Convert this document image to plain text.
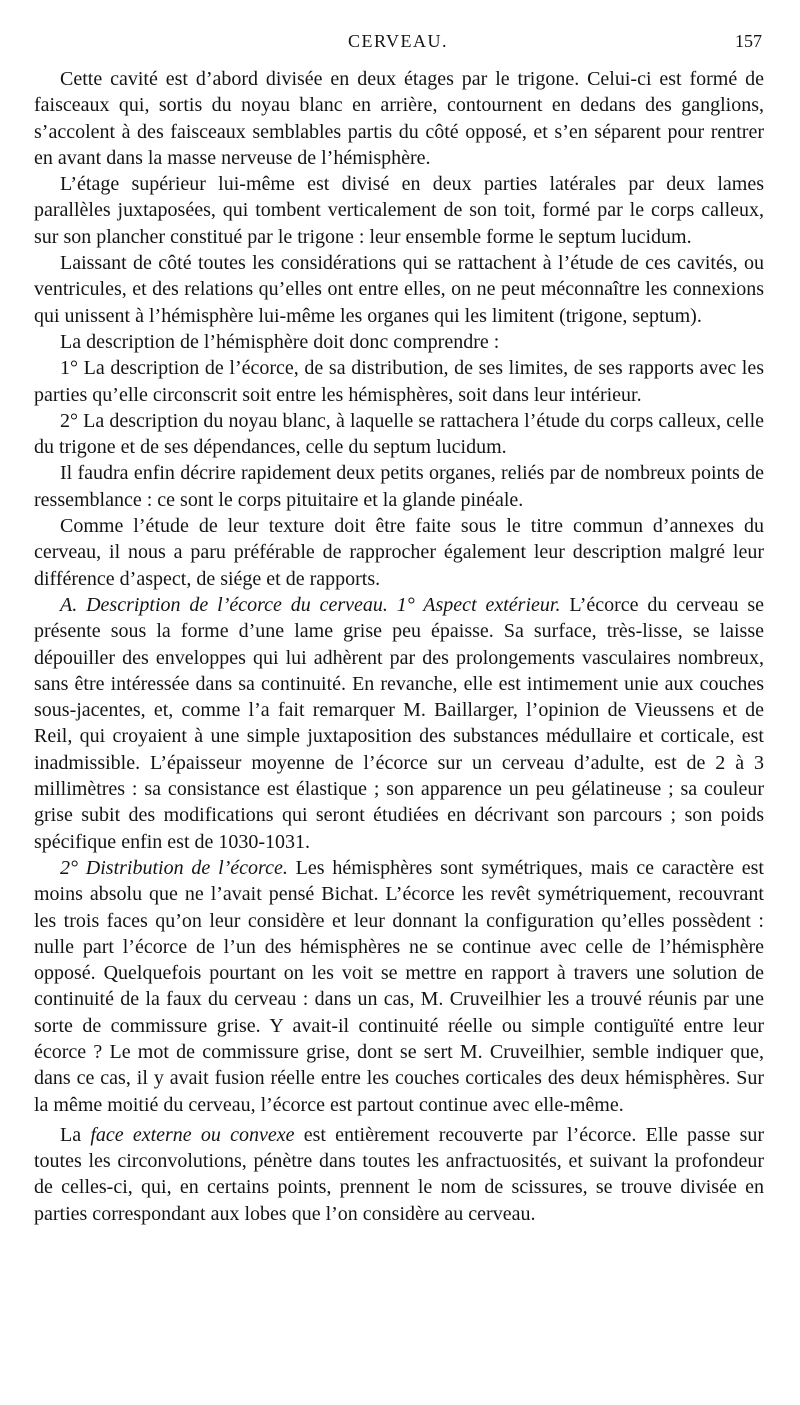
CERVEAU.	157

Cette cavité est d’abord divisée en deux étages par le trigone. Celui-ci est formé de faisceaux qui, sortis du noyau blanc en arrière, contournent en dedans des ganglions, s’accolent à des faisceaux semblables partis du côté opposé, et s’en séparent pour rentrer en avant dans la masse nerveuse de l’hémisphère.

L’étage supérieur lui-même est divisé en deux parties latérales par deux lames parallèles juxtaposées, qui tombent verticalement de son toit, formé par le corps calleux, sur son plancher constitué par le trigone : leur ensemble forme le septum lucidum.

Laissant de côté toutes les considérations qui se rattachent à l’étude de ces cavités, ou ventricules, et des relations qu’elles ont entre elles, on ne peut méconnaître les connexions qui unissent à l’hémisphère lui-même les organes qui les limitent (trigone, septum).

La description de l’hémisphère doit donc comprendre :

1° La description de l’écorce, de sa distribution, de ses limites, de ses rapports avec les parties qu’elle circonscrit soit entre les hémisphères, soit dans leur intérieur.

2° La description du noyau blanc, à laquelle se rattachera l’étude du corps calleux, celle du trigone et de ses dépendances, celle du septum lucidum.

Il faudra enfin décrire rapidement deux petits organes, reliés par de nombreux points de ressemblance : ce sont le corps pituitaire et la glande pinéale.

Comme l’étude de leur texture doit être faite sous le titre commun d’annexes du cerveau, il nous a paru préférable de rapprocher également leur description malgré leur différence d’aspect, de siége et de rapports.

A. Description de l’écorce du cerveau. 1° Aspect extérieur. L’écorce du cerveau se présente sous la forme d’une lame grise peu épaisse. Sa surface, très-lisse, se laisse dépouiller des enveloppes qui lui adhèrent par des prolongements vasculaires nombreux, sans être intéressée dans sa continuité. En revanche, elle est intimement unie aux couches sous-jacentes, et, comme l’a fait remarquer M. Baillarger, l’opinion de Vieussens et de Reil, qui croyaient à une simple juxtaposition des substances médullaire et corticale, est inadmissible. L’épaisseur moyenne de l’écorce sur un cerveau d’adulte, est de 2 à 3 millimètres : sa consistance est élastique ; son apparence un peu gélatineuse ; sa couleur grise subit des modifications qui seront étudiées en décrivant son parcours ; son poids spécifique enfin est de 1030-1031.

2° Distribution de l’écorce. Les hémisphères sont symétriques, mais ce caractère est moins absolu que ne l’avait pensé Bichat. L’écorce les revêt symétriquement, recouvrant les trois faces qu’on leur considère et leur donnant la configuration qu’elles possèdent : nulle part l’écorce de l’un des hémisphères ne se continue avec celle de l’hémisphère opposé. Quelquefois pourtant on les voit se mettre en rapport à travers une solution de continuité de la faux du cerveau : dans un cas, M. Cruveilhier les a trouvé réunis par une sorte de commissure grise. Y avait-il continuité réelle ou simple contiguïté entre leur écorce ? Le mot de commissure grise, dont se sert M. Cruveilhier, semble indiquer que, dans ce cas, il y avait fusion réelle entre les couches corticales des deux hémisphères. Sur la même moitié du cerveau, l’écorce est partout continue avec elle-même.

La face externe ou convexe est entièrement recouverte par l’écorce. Elle passe sur toutes les circonvolutions, pénètre dans toutes les anfractuosités, et suivant la profondeur de celles-ci, qui, en certains points, prennent le nom de scissures, se trouve divisée en parties correspondant aux lobes que l’on considère au cerveau.
